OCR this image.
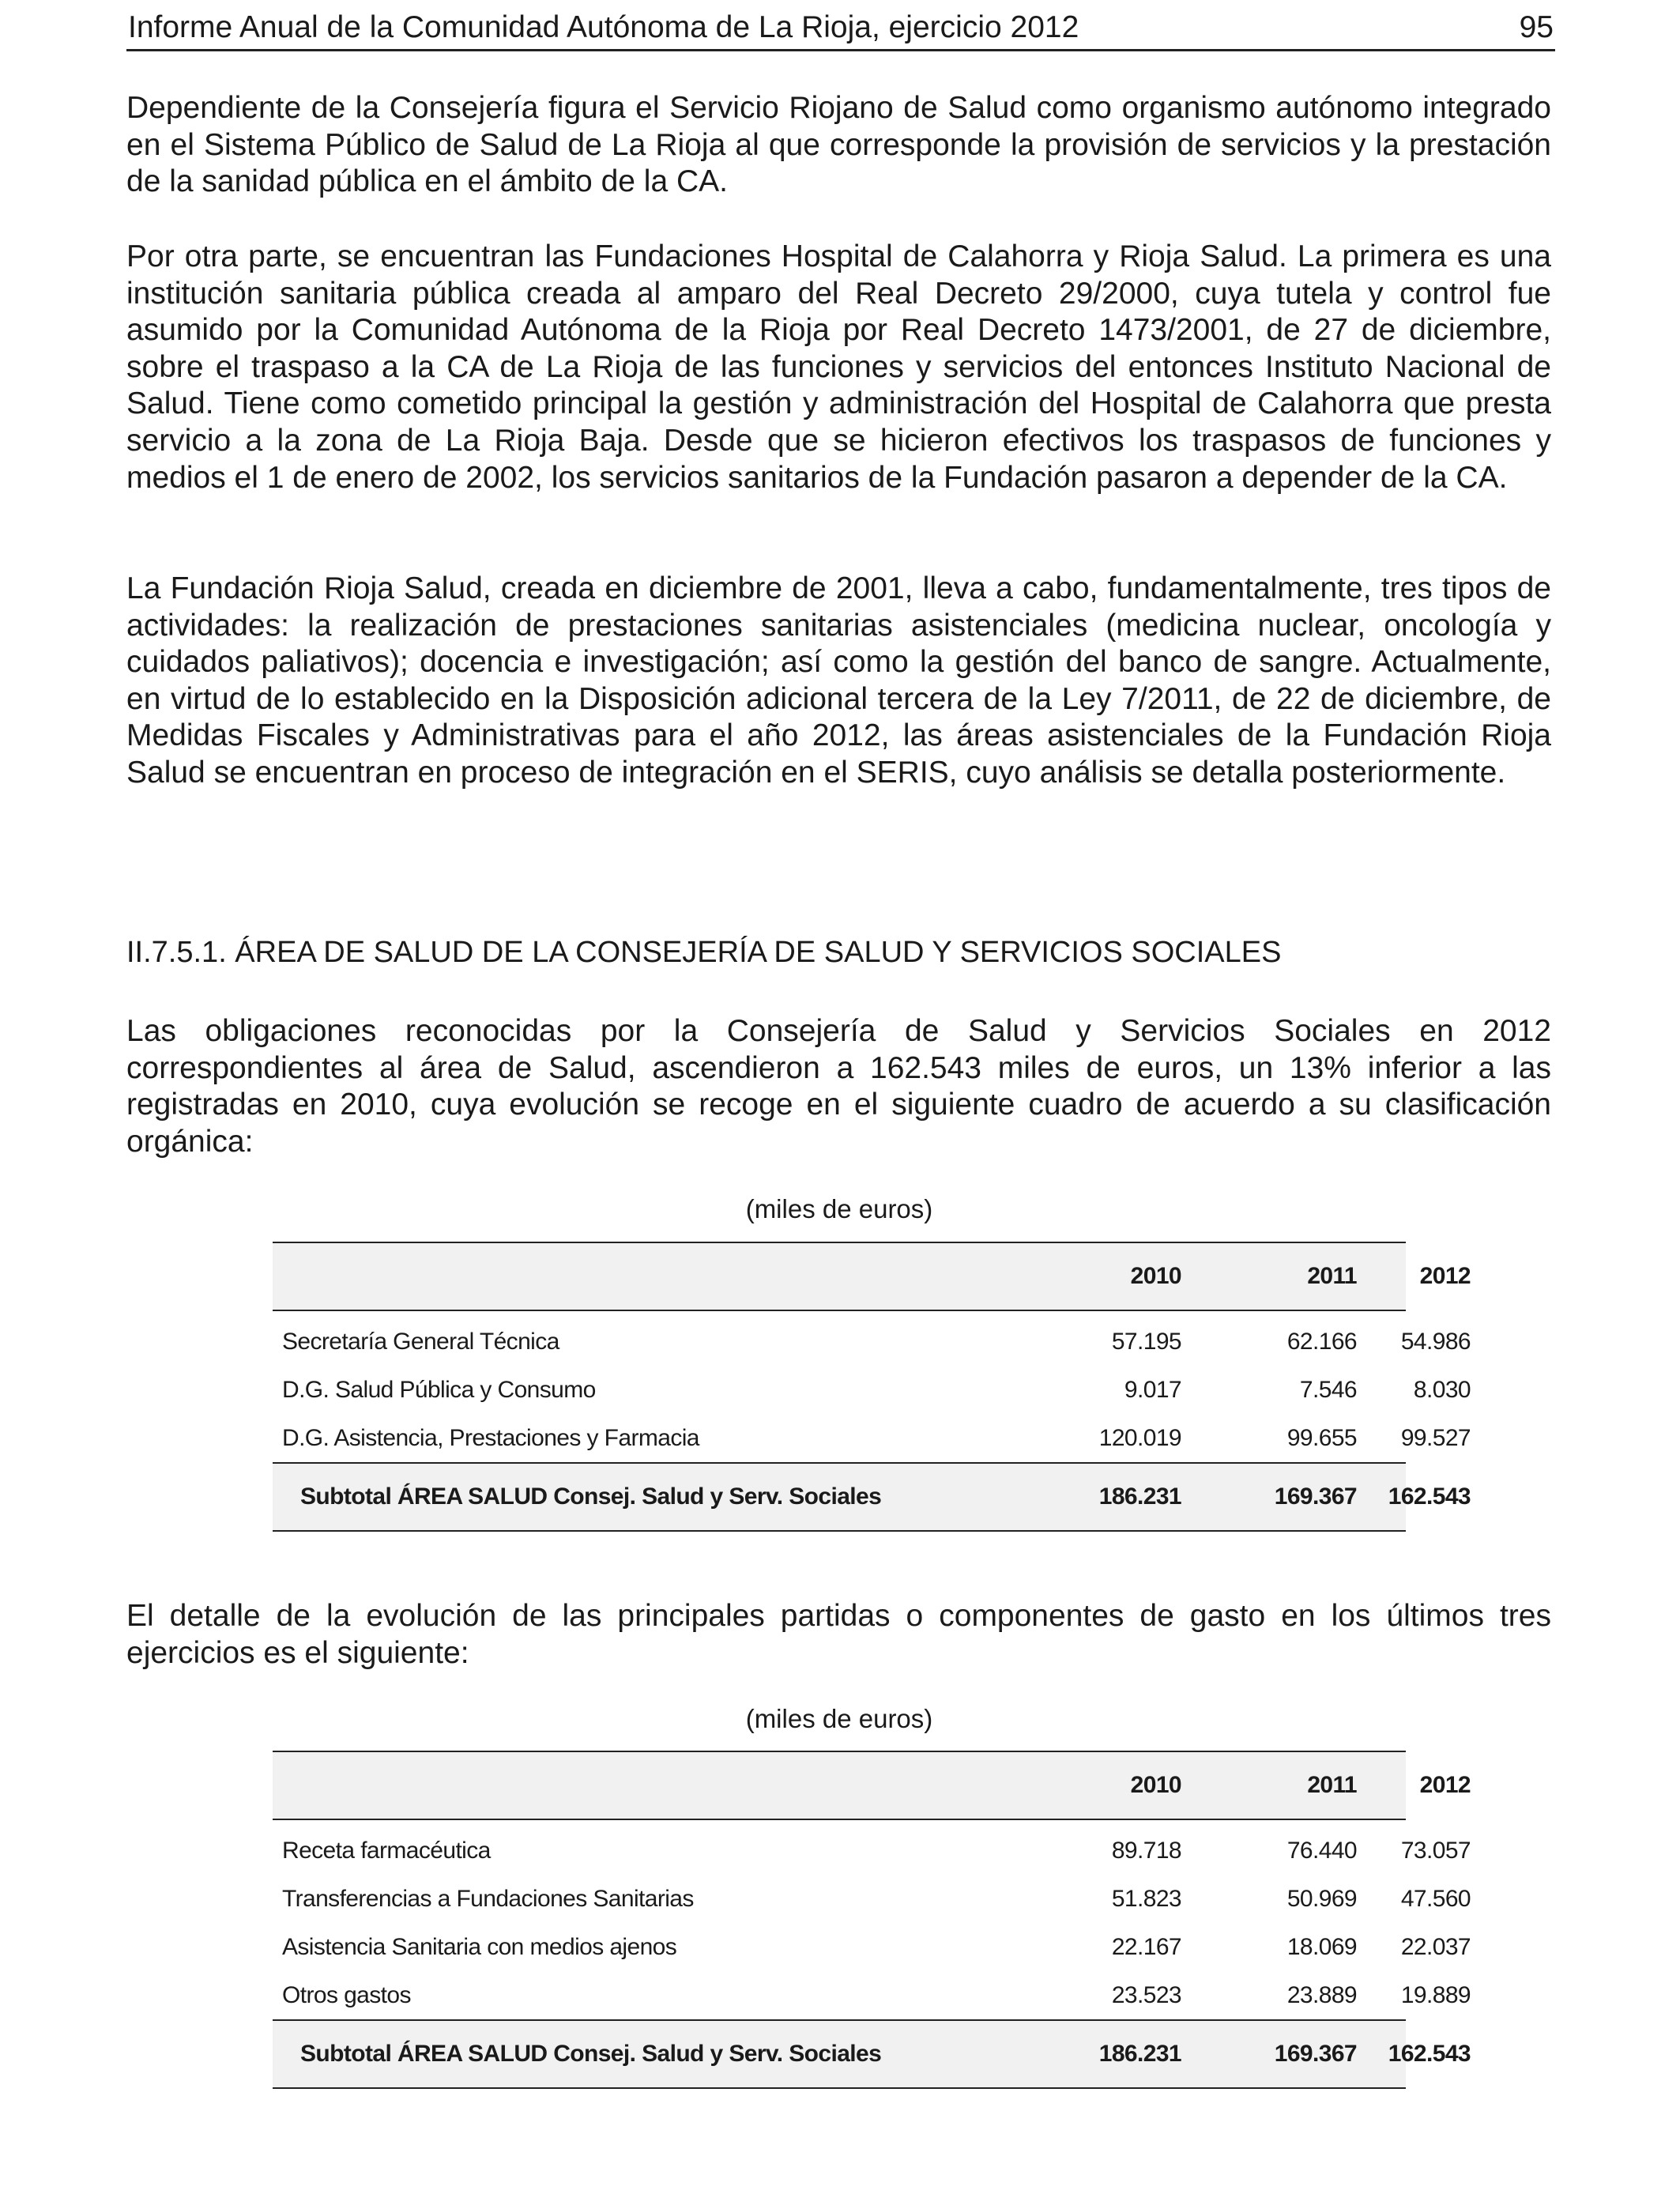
Informe Anual de la Comunidad Autónoma de La Rioja, ejercicio 2012	95

Dependiente de la Consejería figura el Servicio Riojano de Salud como organismo autónomo integrado en el Sistema Público de Salud de La Rioja al que corresponde la provisión de servicios y la prestación de la sanidad pública en el ámbito de la CA.

Por otra parte, se encuentran las Fundaciones Hospital de Calahorra y Rioja Salud. La primera es una institución sanitaria pública creada al amparo del Real Decreto 29/2000, cuya tutela y control fue asumido por la Comunidad Autónoma de la Rioja por Real Decreto 1473/2001, de 27 de diciembre, sobre el traspaso a la CA de La Rioja de las funciones y servicios del entonces Instituto Nacional de Salud. Tiene como cometido principal la gestión y administración del Hospital de Calahorra que presta servicio a la zona de La Rioja Baja. Desde que se hicieron efectivos los traspasos de funciones y medios el 1 de enero de 2002, los servicios sanitarios de la Fundación pasaron a depender de la CA.

La Fundación Rioja Salud, creada en diciembre de 2001, lleva a cabo, fundamentalmente, tres tipos de actividades: la realización de prestaciones sanitarias asistenciales (medicina nuclear, oncología y cuidados paliativos); docencia e investigación; así como la gestión del banco de sangre. Actualmente, en virtud de lo establecido en la Disposición adicional tercera de la Ley 7/2011, de 22 de diciembre, de Medidas Fiscales y Administrativas para el año 2012, las áreas asistenciales de la Fundación Rioja Salud se encuentran en proceso de integración en el SERIS, cuyo análisis se detalla posteriormente.

II.7.5.1. ÁREA DE SALUD DE LA CONSEJERÍA DE SALUD Y SERVICIOS SOCIALES

Las obligaciones reconocidas por la Consejería de Salud y Servicios Sociales en 2012 correspondientes al área de Salud, ascendieron a 162.543 miles de euros, un 13% inferior a las registradas en 2010, cuya evolución se recoge en el siguiente cuadro de acuerdo a su clasificación orgánica:

(miles de euros)
2010	2011	2012
Secretaría General Técnica	57.195	62.166 54.986
D.G. Salud Pública y Consumo	9.017	7.546	8.030
D.G. Asistencia, Prestaciones y Farmacia	120.019	99.655 99.527
Subtotal ÁREA SALUD Consej. Salud y Serv. Sociales	186.231	169.367 162.543

El detalle de la evolución de las principales partidas o componentes de gasto en los últimos tres ejercicios es el siguiente:

(miles de euros)
2010	2011	2012
Receta farmacéutica	89.718	76.440 73.057
Transferencias a Fundaciones Sanitarias	51.823	50.969 47.560
Asistencia Sanitaria con medios ajenos	22.167	18.069 22.037
Otros gastos	23.523	23.889 19.889
Subtotal ÁREA SALUD Consej. Salud y Serv. Sociales	186.231	169.367 162.543
